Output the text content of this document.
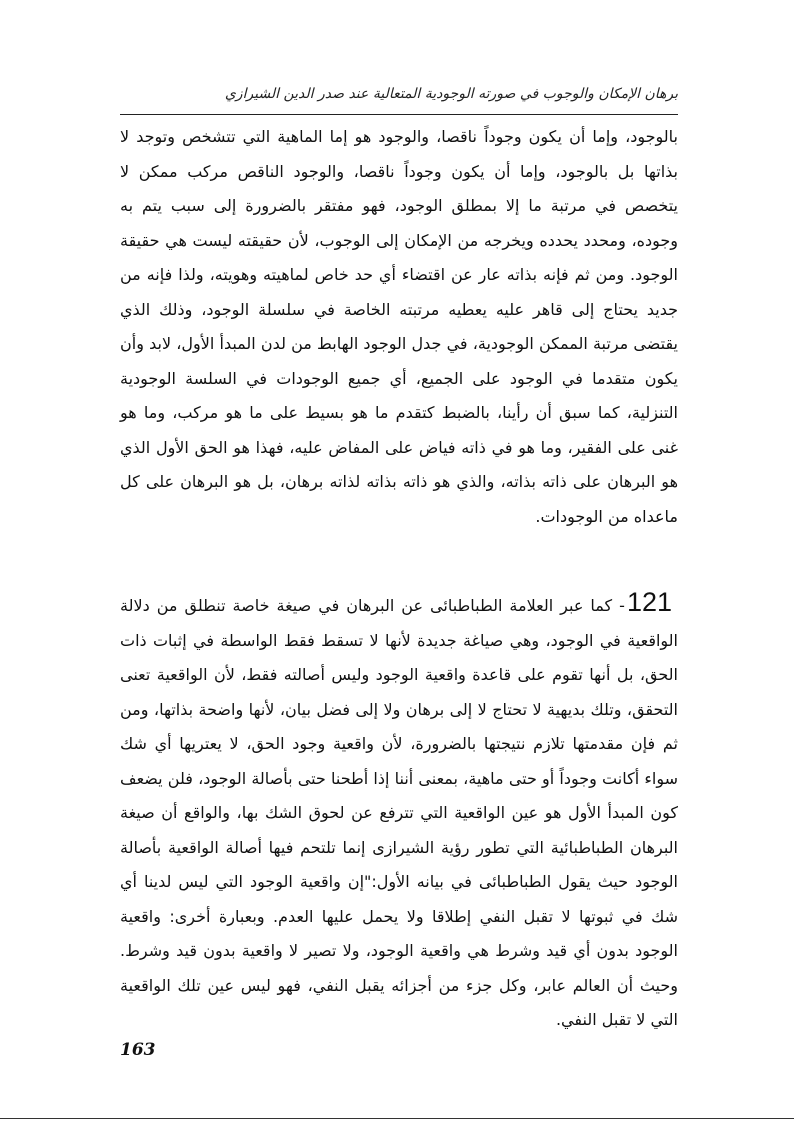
برهان الإمكان والوجوب في صورته الوجودية المتعالية عند صدر الدين الشيرازي
بالوجود، وإما أن يكون وجوداً ناقصا، والوجود هو إما الماهية التي تتشخص وتوجد لا بذاتها بل بالوجود، وإما أن يكون وجوداً ناقصا، والوجود الناقص مركب ممكن لا يتخصص في مرتبة ما إلا بمطلق الوجود، فهو مفتقر بالضرورة إلى سبب يتم به وجوده، ومحدد يحدده ويخرجه من الإمكان إلى الوجوب، لأن حقيقته ليست هي حقيقة الوجود. ومن ثم فإنه بذاته عار عن اقتضاء أي حد خاص لماهيته وهويته، ولذا فإنه من جديد يحتاج إلى قاهر عليه يعطيه مرتبته الخاصة في سلسلة الوجود، وذلك الذي يقتضى مرتبة الممكن الوجودية، في جدل الوجود الهابط من لدن المبدأ الأول، لابد وأن يكون متقدما في الوجود على الجميع، أي جميع الوجودات في السلسة الوجودية التنزلية، كما سبق أن رأينا، بالضبط كتقدم ما هو بسيط على ما هو مركب، وما هو غنى على الفقير، وما هو في ذاته فياض على المفاض عليه، فهذا هو الحق الأول الذي هو البرهان على ذاته بذاته، والذي هو ذاته بذاته لذاته برهان، بل هو البرهان على كل ماعداه من الوجودات.
121- كما عبر العلامة الطباطبائى عن البرهان في صيغة خاصة تنطلق من دلالة الواقعية في الوجود، وهي صياغة جديدة لأنها لا تسقط فقط الواسطة في إثبات ذات الحق، بل أنها تقوم على قاعدة واقعية الوجود وليس أصالته فقط، لأن الواقعية تعنى التحقق، وتلك بديهية لا تحتاج لا إلى برهان ولا إلى فضل بيان، لأنها واضحة بذاتها، ومن ثم فإن مقدمتها تلازم نتيجتها بالضرورة، لأن واقعية وجود الحق، لا يعتريها أي شك سواء أكانت وجوداً أو حتى ماهية، بمعنى أننا إذا أطحنا حتى بأصالة الوجود، فلن يضعف كون المبدأ الأول هو عين الواقعية التي تترفع عن لحوق الشك بها، والواقع أن صيغة البرهان الطباطبائية التي تطور رؤية الشيرازى إنما تلتحم فيها أصالة الواقعية بأصالة الوجود حيث يقول الطباطبائى في بيانه الأول:"إن واقعية الوجود التي ليس لدينا أي شك في ثبوتها لا تقبل النفي إطلاقا ولا يحمل عليها العدم. وبعبارة أخرى: واقعية الوجود بدون أي قيد وشرط هي واقعية الوجود، ولا تصير لا واقعية بدون قيد وشرط. وحيث أن العالم عابر، وكل جزء من أجزائه يقبل النفي، فهو ليس عين تلك الواقعية التي لا تقبل النفي.
163
